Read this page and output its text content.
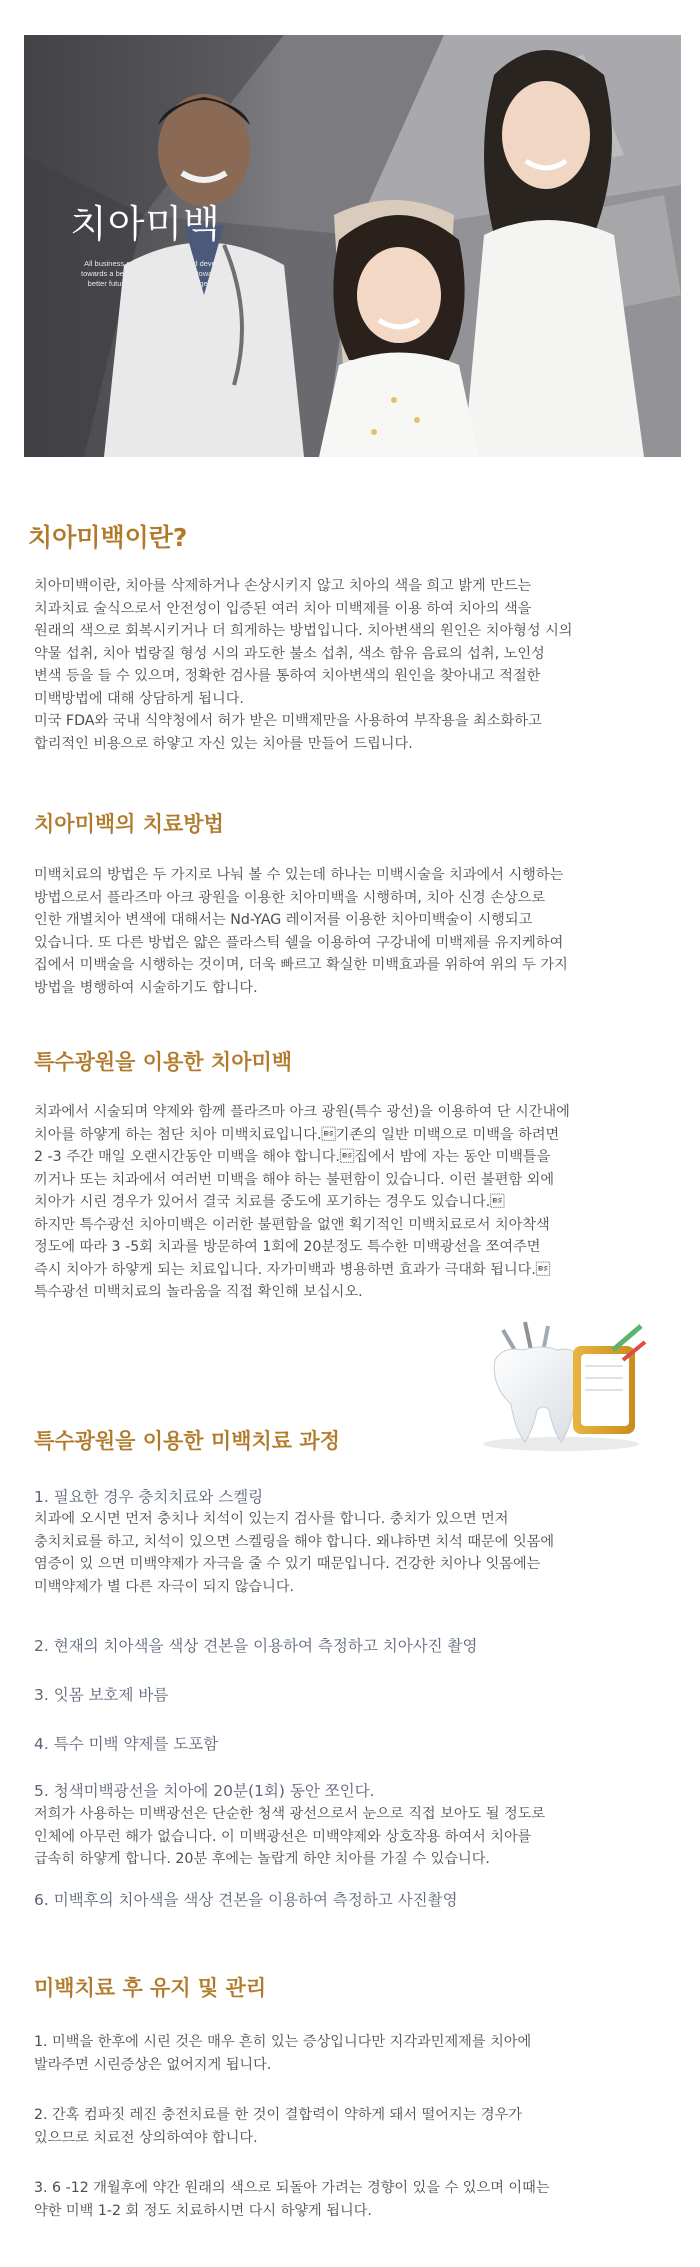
치아미백

All business constantly create and develop towards a better future together. B towards a better future B&G network than together.

치아미백이란?

치아미백이란, 치아를 삭제하거나 손상시키지 않고 치아의 색을 희고 밝게 만드는
치과치료 술식으로서 안전성이 입증된 여러 치아 미백제를 이용 하여 치아의 색을
원래의 색으로 회복시키거나 더 희게하는 방법입니다. 치아변색의 원인은 치아형성 시의
약물 섭취, 치아 법랑질 형성 시의 과도한 불소 섭취, 색소 함유 음료의 섭취, 노인성
변색 등을 들 수 있으며, 정확한 검사를 통하여 치아변색의 원인을 찾아내고 적절한
미백방법에 대해 상담하게 됩니다.
미국 FDA와 국내 식약청에서 허가 받은 미백제만을 사용하여 부작용을 최소화하고
합리적인 비용으로 하얗고 자신 있는 치아를 만들어 드립니다.

치아미백의 치료방법

미백치료의 방법은 두 가지로 나눠 볼 수 있는데 하나는 미백시술을 치과에서 시행하는
방법으로서 플라즈마 아크 광원을 이용한 치아미백을 시행하며, 치아 신경 손상으로
인한 개별치아 변색에 대해서는 Nd-YAG 레이저를 이용한 치아미백술이 시행되고
있습니다. 또 다른 방법은 얇은 플라스틱 쉘을 이용하여 구강내에 미백제를 유지케하여
집에서 미백술을 시행하는 것이며, 더욱 빠르고 확실한 미백효과를 위하여 위의 두 가지
방법을 병행하여 시술하기도 합니다.

특수광원을 이용한 치아미백

치과에서 시술되며 약제와 함께 플라즈마 아크 광원(특수 광선)을 이용하여 단 시간내에
치아를 하얗게 하는 첨단 치아 미백치료입니다.기존의 일반 미백으로 미백을 하려면
2 -3 주간 매일 오랜시간동안 미백을 해야 합니다.집에서 밤에 자는 동안 미백틀을
끼거나 또는 치과에서 여러번 미백을 해야 하는 불편함이 있습니다. 이런 불편함 외에
치아가 시린 경우가 있어서 결국 치료를 중도에 포기하는 경우도 있습니다.
하지만 특수광선 치아미백은 이러한 불편함을 없앤 획기적인 미백치료로서 치아착색
정도에 따라 3 -5회 치과를 방문하여 1회에 20분정도 특수한 미백광선을 쪼여주면
즉시 치아가 하얗게 되는 치료입니다. 자가미백과 병용하면 효과가 극대화 됩니다.
특수광선 미백치료의 놀라움을 직접 확인해 보십시오.

특수광원을 이용한 미백치료 과정

1. 필요한 경우 충치치료와 스켈링

치과에 오시면 먼저 충치나 치석이 있는지 검사를 합니다. 충치가 있으면 먼저
충치치료를 하고, 치석이 있으면 스켈링을 해야 합니다. 왜냐하면 치석 때문에 잇몸에
염증이 있 으면 미백약제가 자극을 줄 수 있기 때문입니다. 건강한 치아나 잇몸에는
미백약제가 별 다른 자극이 되지 않습니다.

2. 현재의 치아색을 색상 견본을 이용하여 측정하고 치아사진 촬영

3. 잇몸 보호제 바름

4. 특수 미백 약제를 도포함

5. 청색미백광선을 치아에 20분(1회) 동안 쪼인다.

저희가 사용하는 미백광선은 단순한 청색 광선으로서 눈으로 직접 보아도 될 정도로
인체에 아무런 해가 없습니다. 이 미백광선은 미백약제와 상호작용 하여서 치아를
급속히 하얗게 합니다. 20분 후에는 놀랍게 하얀 치아를 가질 수 있습니다.

6. 미백후의 치아색을 색상 견본을 이용하여 측정하고 사진촬영

미백치료 후 유지 및 관리

1. 미백을 한후에 시린 것은 매우 흔히 있는 증상입니다만 지각과민제제를 치아에
발라주면 시린증상은 없어지게 됩니다.

2. 간혹 컴파짓 레진 충전치료를 한 것이 결합력이 약하게 돼서 떨어지는 경우가
있으므로 치료전 상의하여야 합니다.

3. 6 -12 개월후에 약간 원래의 색으로 되돌아 가려는 경향이 있을 수 있으며 이때는
약한 미백 1-2 회 정도 치료하시면 다시 하얗게 됩니다.
